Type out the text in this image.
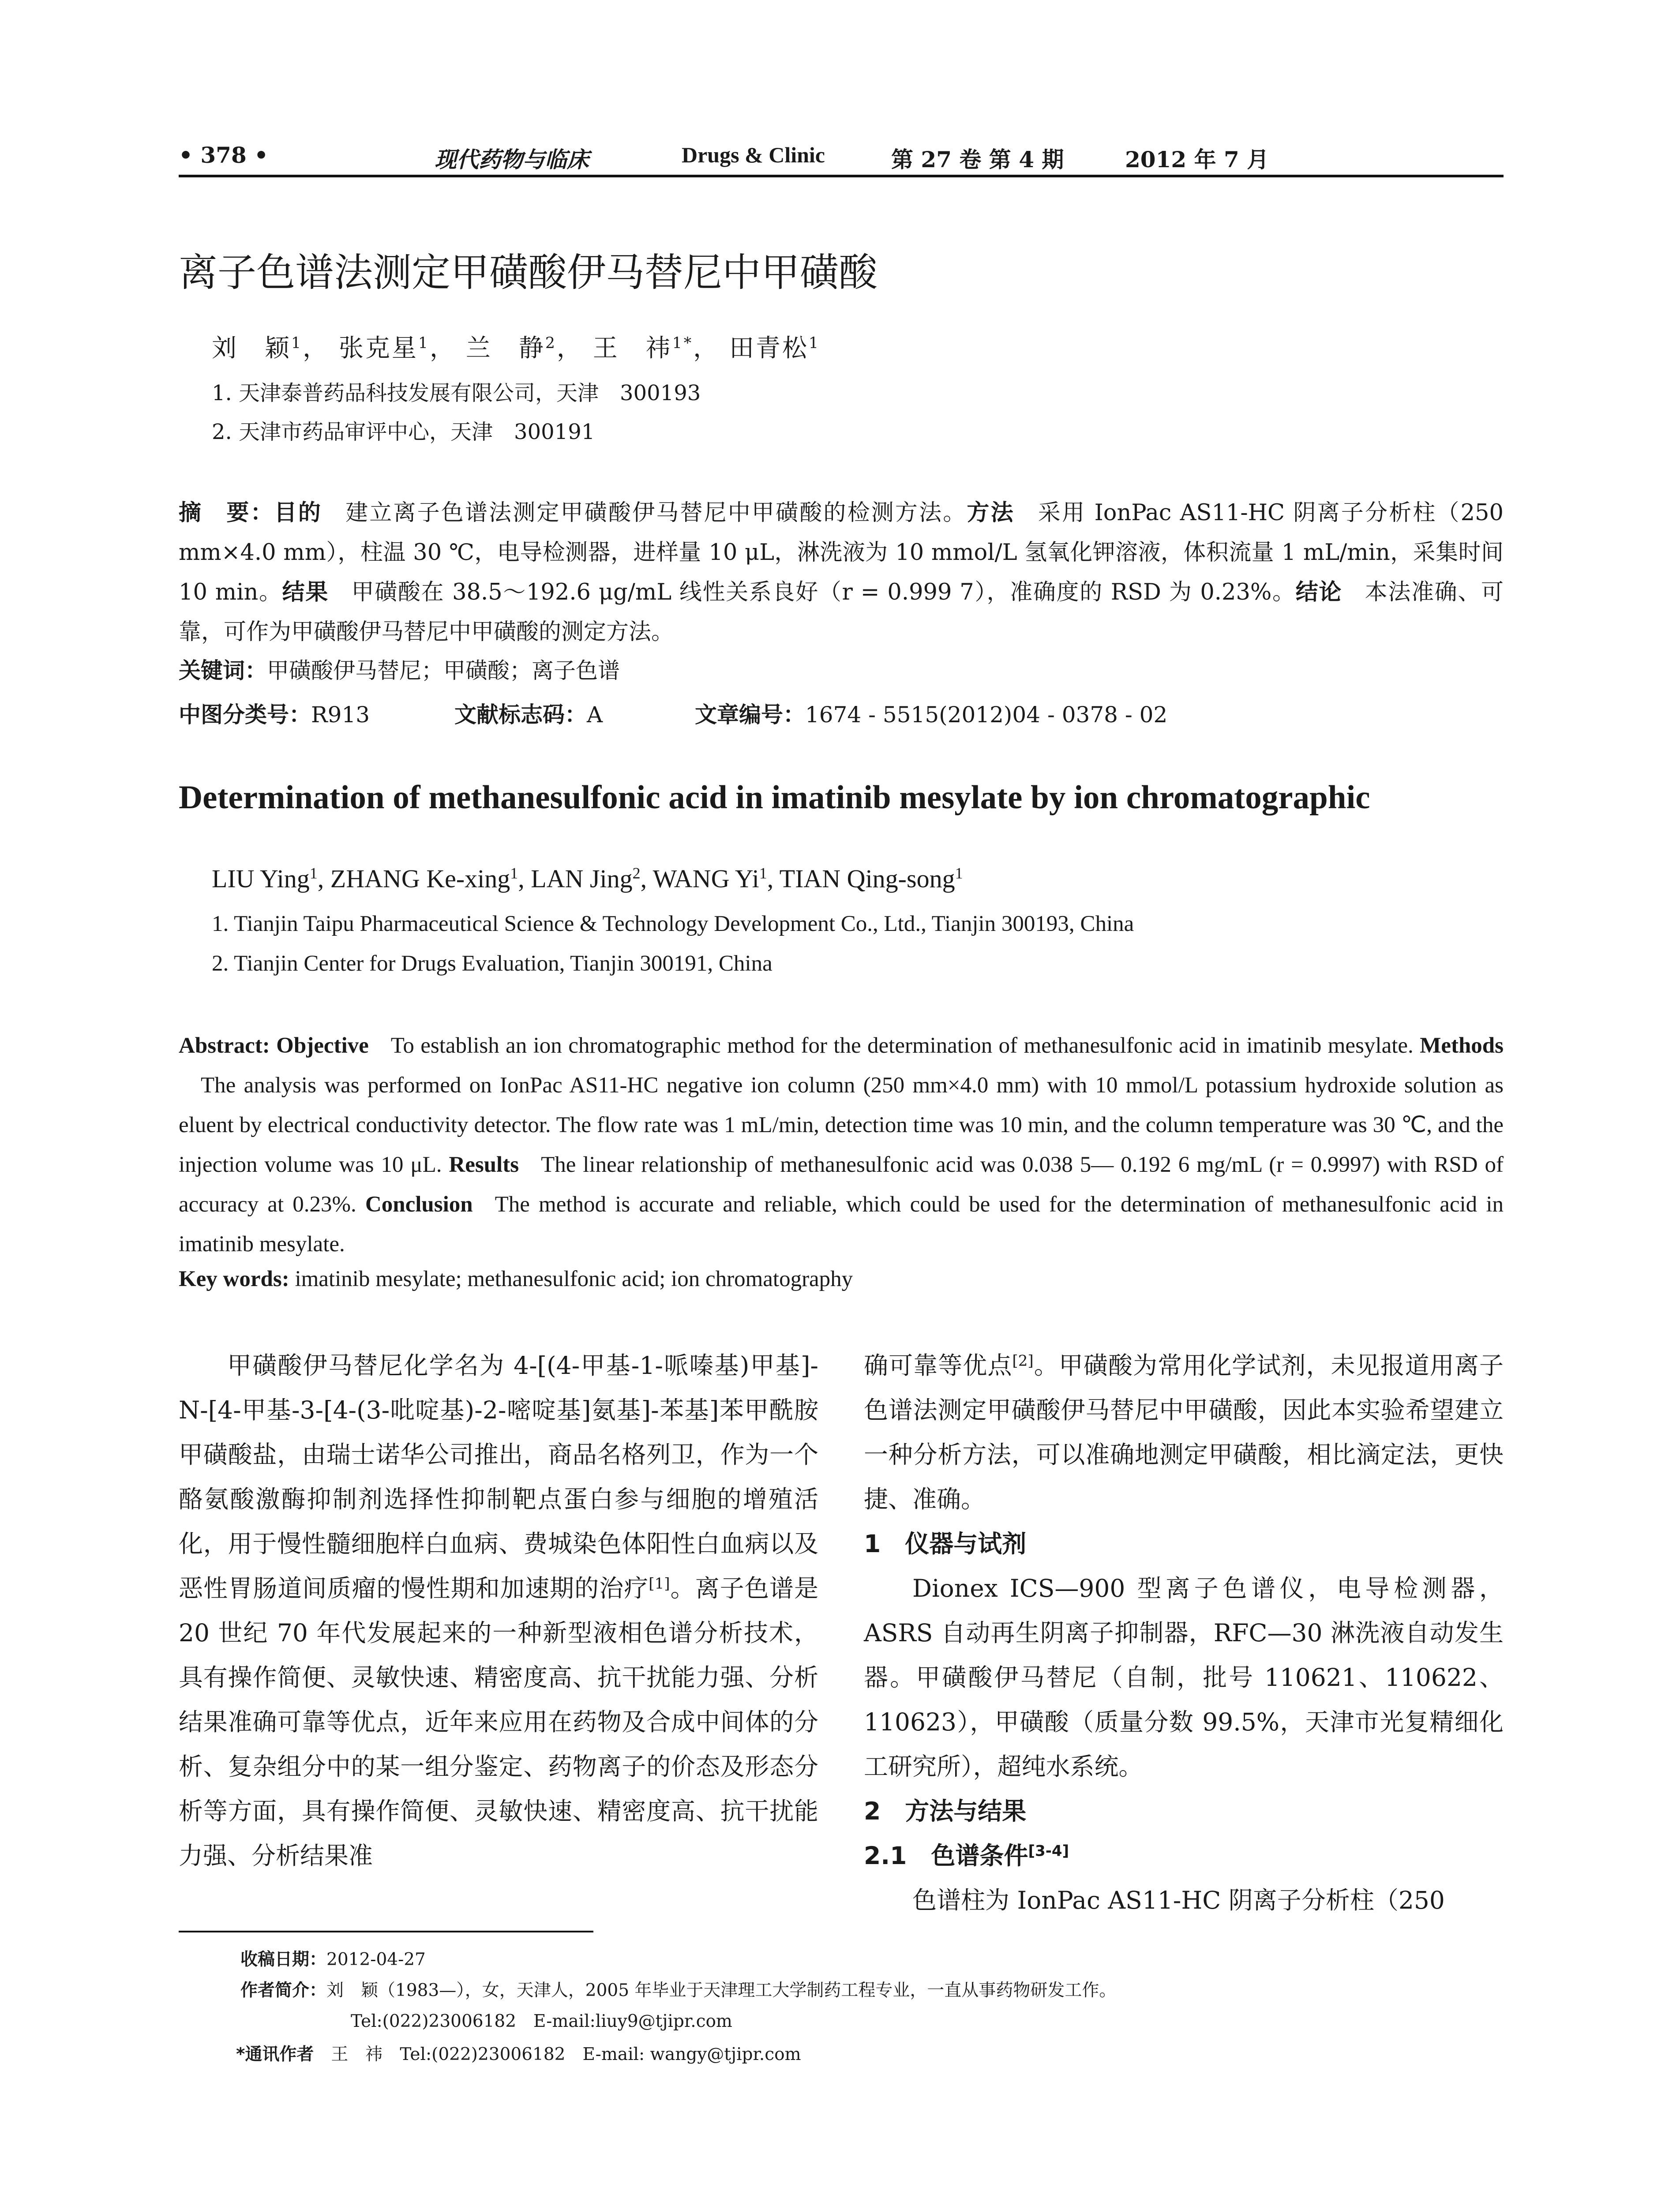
• 378 •	现代药物与临床	Drugs & Clinic	第 27 卷 第 4 期	2012 年 7 月
离子色谱法测定甲磺酸伊马替尼中甲磺酸
刘　颖$^1$， 张克星$^1$， 兰　静$^2$， 王　祎$^{1*}$， 田青松$^1$
1. 天津泰普药品科技发展有限公司，天津　300193
2. 天津市药品审评中心，天津　300191
摘　要：目的 建立离子色谱法测定甲磺酸伊马替尼中甲磺酸的检测方法。方法 采用 IonPac AS11-HC 阴离子分析柱（250 mm×4.0 mm），柱温 30 ℃，电导检测器，进样量 10 μL，淋洗液为 10 mmol/L 氢氧化钾溶液，体积流量 1 mL/min，采集时间 10 min。结果 甲磺酸在 38.5～192.6 μg/mL 线性关系良好（r = 0.999 7），准确度的 RSD 为 0.23%。结论 本法准确、可靠，可作为甲磺酸伊马替尼中甲磺酸的测定方法。
关键词：甲磺酸伊马替尼；甲磺酸；离子色谱
中图分类号：R913	文献标志码：A	文章编号：1674 - 5515(2012)04 - 0378 - 02
Determination of methanesulfonic acid in imatinib mesylate by ion chromatographic
LIU Ying$^1$, ZHANG Ke-xing$^1$, LAN Jing$^2$, WANG Yi$^1$, TIAN Qing-song$^1$
1. Tianjin Taipu Pharmaceutical Science & Technology Development Co., Ltd., Tianjin 300193, China
2. Tianjin Center for Drugs Evaluation, Tianjin 300191, China
Abstract: Objective To establish an ion chromatographic method for the determination of methanesulfonic acid in imatinib mesylate. MethodsThe analysis was performed on IonPac AS11-HC negative ion column (250 mm×4.0 mm) with 10 mmol/L potassium hydroxide solution as eluent by electrical conductivity detector. The flow rate was 1 mL/min, detection time was 10 min, and the column temperature was 30 ℃, and the injection volume was 10 μL. Results The linear relationship of methanesulfonic acid was 0.038 5— 0.192 6 mg/mL (r = 0.9997) with RSD of accuracy at 0.23%. Conclusion The method is accurate and reliable, which could be used for the determination of methanesulfonic acid in imatinib mesylate.
Key words: imatinib mesylate; methanesulfonic acid; ion chromatography

甲磺酸伊马替尼化学名为 4-[(4-甲基-1-哌嗪基)甲基]-N-[4-甲基-3-[4-(3-吡啶基)-2-嘧啶基]氨基]-苯基]苯甲酰胺甲磺酸盐，由瑞士诺华公司推出，商品名格列卫，作为一个酪氨酸激酶抑制剂选择性抑制靶点蛋白参与细胞的增殖活化，用于慢性髓细胞样白血病、费城染色体阳性白血病以及恶性胃肠道间质瘤的慢性期和加速期的治疗[1]。离子色谱是 20 世纪 70 年代发展起来的一种新型液相色谱分析技术，具有操作简便、灵敏快速、精密度高、抗干扰能力强、分析结果准确可靠等优点，近年来应用在药物及合成中间体的分析、复杂组分中的某一组分鉴定、药物离子的价态及形态分析等方面，具有操作简便、灵敏快速、精密度高、抗干扰能力强、分析结果准

确可靠等优点[2]。甲磺酸为常用化学试剂，未见报道用离子色谱法测定甲磺酸伊马替尼中甲磺酸，因此本实验希望建立一种分析方法，可以准确地测定甲磺酸，相比滴定法，更快捷、准确。

1　仪器与试剂

Dionex ICS—900 型离子色谱仪，电导检测器，ASRS 自动再生阴离子抑制器，RFC—30 淋洗液自动发生器。甲磺酸伊马替尼（自制，批号 110621、110622、110623），甲磺酸（质量分数 99.5%，天津市光复精细化工研究所），超纯水系统。

2　方法与结果

2.1　色谱条件[3-4]

色谱柱为 IonPac AS11-HC 阴离子分析柱（250

收稿日期：2012-04-27
作者简介：刘　颖（1983—），女，天津人，2005 年毕业于天津理工大学制药工程专业，一直从事药物研发工作。
Tel:(022)23006182　E-mail:liuy9@tjipr.com
*通讯作者　 王　祎　Tel:(022)23006182　E-mail: wangy@tjipr.com
